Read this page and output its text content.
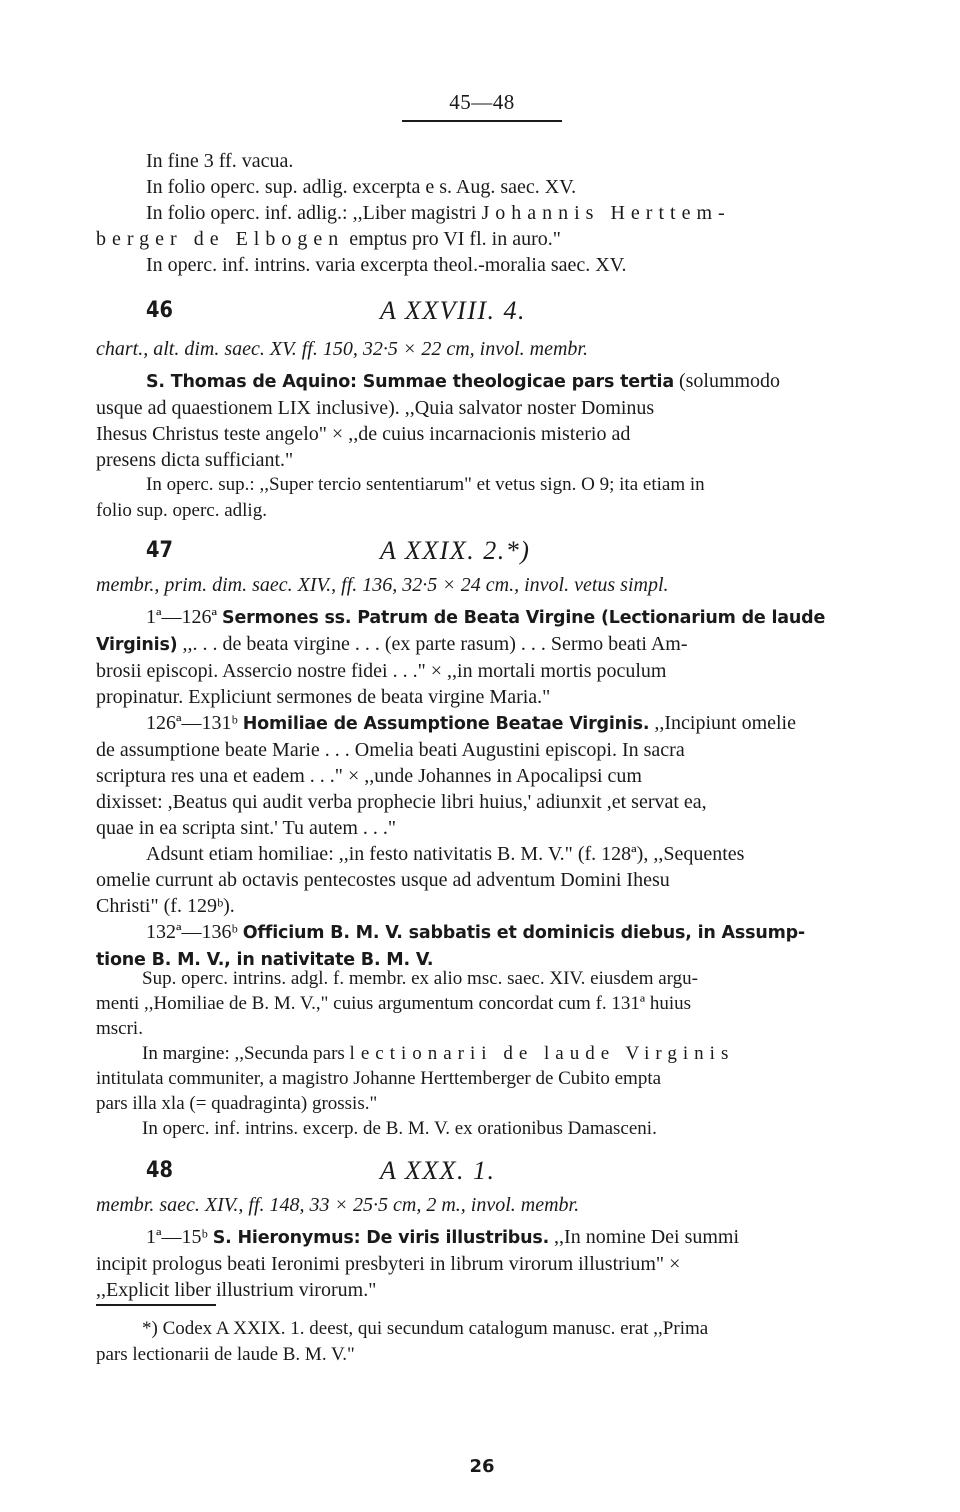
45—48
In fine 3 ff. vacua.
In folio operc. sup. adlig. excerpta e s. Aug. saec. XV.
In folio operc. inf. adlig.: ,,Liber magistri Johannis Herttem-
berger de Elbogen emptus pro VI fl. in auro."
In operc. inf. intrins. varia excerpta theol.-moralia saec. XV.
46	A XXVIII. 4.
chart., alt. dim. saec. XV. ff. 150, 32·5 × 22 cm, invol. membr.
S. Thomas de Aquino: Summae theologicae pars tertia (solummodo
usque ad quaestionem LIX inclusive). ,,Quia salvator noster Dominus
Ihesus Christus teste angelo" × ,,de cuius incarnacionis misterio ad
presens dicta sufficiant."
In operc. sup.: ,,Super tercio sententiarum" et vetus sign. O 9; ita etiam in
folio sup. operc. adlig.
47	A XXIX. 2.*)
membr., prim. dim. saec. XIV., ff. 136, 32·5 × 24 cm., invol. vetus simpl.
1ª—126ª Sermones ss. Patrum de Beata Virgine (Lectionarium de laude
Virginis) ,,. . . de beata virgine . . . (ex parte rasum) . . . Sermo beati Am-
brosii episcopi. Assercio nostre fidei . . ." × ,,in mortali mortis poculum
propinatur. Expliciunt sermones de beata virgine Maria."
126ª—131ᵇ Homiliae de Assumptione Beatae Virginis. ,,Incipiunt omelie
de assumptione beate Marie . . . Omelia beati Augustini episcopi. In sacra
scriptura res una et eadem . . ." × ,,unde Johannes in Apocalipsi cum
dixisset: ,Beatus qui audit verba prophecie libri huius,' adiunxit ,et servat ea,
quae in ea scripta sint.' Tu autem . . ."
Adsunt etiam homiliae: ,,in festo nativitatis B. M. V." (f. 128ª), ,,Sequentes
omelie currunt ab octavis pentecostes usque ad adventum Domini Ihesu
Christi" (f. 129ᵇ).
132ª—136ᵇ Officium B. M. V. sabbatis et dominicis diebus, in Assump-
tione B. M. V., in nativitate B. M. V.
Sup. operc. intrins. adgl. f. membr. ex alio msc. saec. XIV. eiusdem argu-
menti ,,Homiliae de B. M. V.," cuius argumentum concordat cum f. 131ª huius
mscri.
In margine: ,,Secunda pars lectionarii de laude Virginis
intitulata communiter, a magistro Johanne Herttemberger de Cubito empta
pars illa xla (= quadraginta) grossis."
In operc. inf. intrins. excerp. de B. M. V. ex orationibus Damasceni.
48	A XXX. 1.
membr. saec. XIV., ff. 148, 33 × 25·5 cm, 2 m., invol. membr.
1ª—15ᵇ S. Hieronymus: De viris illustribus. ,,In nomine Dei summi
incipit prologus beati Ieronimi presbyteri in librum virorum illustrium" ×
,,Explicit liber illustrium virorum."
*) Codex A XXIX. 1. deest, qui secundum catalogum manusc. erat ,,Prima
pars lectionarii de laude B. M. V."
26
